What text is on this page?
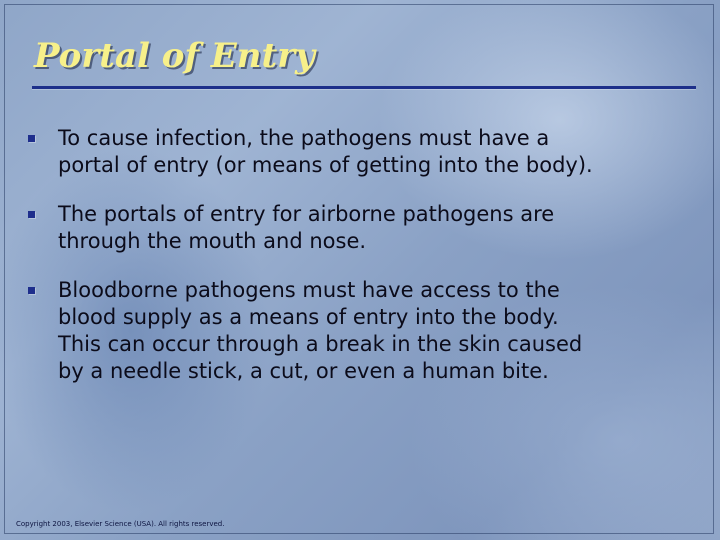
Portal of Entry
To cause infection, the pathogens must have a
portal of entry (or means of getting into the body).
The portals of entry for airborne pathogens are
through the mouth and nose.
Bloodborne pathogens must have access to the
blood supply as a means of entry into the body.
This can occur through a break in the skin caused
by a needle stick, a cut, or even a human bite.
Copyright 2003, Elsevier Science (USA). All rights reserved.
